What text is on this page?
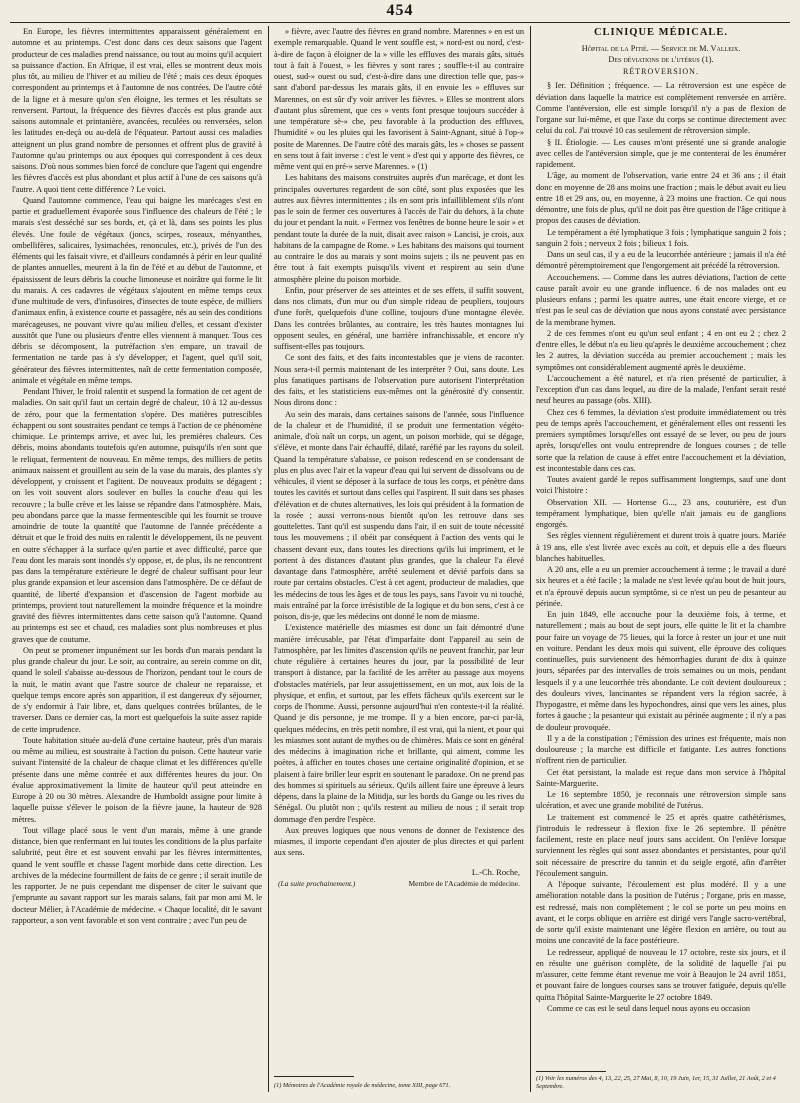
454

En Europe, les fièvres intermittentes apparaissent généralement en automne et au printemps. C'est donc dans ces deux saisons que l'agent producteur de ces maladies prend naissance, ou tout au moins qu'il acquiert sa puissance d'action. En Afrique, il est vrai, elles se montrent deux mois plus tôt, au milieu de l'hiver et au milieu de l'été ; mais ces deux époques correspondent au printemps et à l'automne de nos contrées. De l'autre côté de la ligne et à mesure qu'on s'en éloigne, les termes et les résultats se renversent. Partout, la fréquence des fièvres d'accès est plus grande aux saisons automnale et printanière, avancées, reculées ou renversées, selon les latitudes en-deçà ou au-delà de l'équateur. Partout aussi ces maladies atteignent un plus grand nombre de personnes et offrent plus de gravité à l'automne qu'au printemps ou aux époques qui correspondent à ces deux saisons. D'où nous sommes bien forcé de conclure que l'agent qui engendre les fièvres d'accès est plus abondant et plus actif à l'une de ces saisons qu'à l'autre. A quoi tient cette différence ? Le voici.

Quand l'automne commence, l'eau qui baigne les marécages s'est en partie et graduellement évaporée sous l'influence des chaleurs de l'été ; le marais s'est desséché sur ses bords, et, çà et là, dans ses points les plus élevés. Une foule de végétaux (joncs, scirpes, roseaux, ményanthes, ombellifères, salicaires, lysimachées, renoncules, etc.), privés de l'un des éléments qui les faisait vivre, et d'ailleurs condamnés à périr en leur qualité de plantes annuelles, meurent à la fin de l'été et au début de l'automne, et épaississent de leurs débris la couche limoneuse et noirâtre qui forme le lit du marais. A ces cadavres de végétaux s'ajoutent en même temps ceux d'une multitude de vers, d'infusoires, d'insectes de toute espèce, de milliers d'animaux enfin, à existence courte et passagère, nés au sein des conditions marécageuses, ne pouvant vivre qu'au milieu d'elles, et cessant d'exister aussitôt que l'une ou plusieurs d'entre elles viennent à manquer. Tous ces débris se décomposent, la putréfaction s'en empare, un travail de fermentation ne tarde pas à s'y développer, et l'agent, quel qu'il soit, générateur des fièvres intermittentes, naît de cette fermentation composée, animale et végétale en même temps.

Pendant l'hiver, le froid ralentit et suspend la formation de cet agent de maladies. On sait qu'il faut un certain degré de chaleur, 10 à 12 au-dessus de zéro, pour que la fermentation s'opère. Des matières putrescibles échappent ou sont soustraites pendant ce temps à l'action de ce phénomène chimique. Le printemps arrive, et avec lui, les premières chaleurs. Ces débris, moins abondants toutefois qu'en automne, puisqu'ils n'en sont que le reliquat, fermentent de nouveau. En même temps, des milliers de petits animaux naissent et grouillent au sein de la vase du marais, des plantes s'y développent, y croissent et l'agitent. De nouveaux produits se dégagent ; on les voit souvent alors soulever en bulles la couche d'eau qui les recouvre ; la bulle crève et les laisse se répandre dans l'atmosphère. Mais, peu abondans parce que la masse fermentescible qui les fournit se trouve amoindrie de toute la quantité que l'automne de l'année précédente a détruit et que le froid des nuits en ralentit le développement, ils ne peuvent en outre s'échapper à la surface qu'en partie et avec difficulté, parce que l'eau dont les marais sont inondés s'y oppose, et, de plus, ils ne rencontrent pas dans la température extérieure le degré de chaleur suffisant pour leur plus grande expansion et leur ascension dans l'atmosphère. De ce défaut de quantité, de liberté d'expansion et d'ascension de l'agent morbide au printemps, provient tout naturellement la moindre fréquence et la moindre gravité des fièvres intermittentes dans cette saison qu'à l'automne. Quand au printemps est sec et chaud, ces maladies sont plus nombreuses et plus graves que de coutume.

On peut se promener impunément sur les bords d'un marais pendant la plus grande chaleur du jour. Le soir, au contraire, au serein comme on dit, quand le soleil s'abaisse au-dessous de l'horizon, pendant tout le cours de la nuit, le matin avant que l'astre source de chaleur ne reparaisse, et quelque temps encore après son apparition, il est dangereux d'y séjourner, de s'y endormir à l'air libre, et, dans quelques contrées brûlantes, de le traverser. Dans ce dernier cas, la mort est quelquefois la suite assez rapide de cette imprudence.

Toute habitation située au-delà d'une certaine hauteur, près d'un marais ou même au milieu, est soustraite à l'action du poison. Cette hauteur varie suivant l'intensité de la chaleur de chaque climat et les différences qu'elle présente dans une même contrée et aux différentes heures du jour. On évalue approximativement la limite de hauteur qu'il peut atteindre en Europe à 20 ou 30 mètres. Alexandre de Humboldt assigne pour limite à laquelle puisse s'élever le poison de la fièvre jaune, la hauteur de 928 mètres.

Tout village placé sous le vent d'un marais, même à une grande distance, bien que renfermant en lui toutes les conditions de la plus parfaite salubrité, peut être et est souvent envahi par les fièvres intermittentes, quand le vent souffle et chasse l'agent morbide dans cette direction. Les archives de la médecine fourmillent de faits de ce genre ; il serait inutile de les rapporter. Je ne puis cependant me dispenser de citer le suivant que j'emprunte au savant rapport sur les marais salans, fait par mon ami M. le docteur Mélier, à l'Académie de médecine. « Chaque localité, dit le savant rapporteur, a son vent favorable et son vent contraire ; avec l'un peu de

» fièvre, avec l'autre des fièvres en grand nombre. Marennes » en est un exemple remarquable. Quand le vent souffle est, » nord-est ou nord, c'est-à-dire de façon à éloigner de la » ville les effluves des marais gâts, situés tout à fait à l'ouest, » les fièvres y sont rares ; souffle-t-il au contraire ouest, sud-» ouest ou sud, c'est-à-dire dans une direction telle que, pas-» sant d'abord par-dessus les marais gâts, il en envoie les » effluves sur Marennes, on est sûr d'y voir arriver les fièvres. » Elles se montrent alors d'autant plus sûrement, que ces » vents font presque toujours succéder à une température sè-» che, peu favorable à la production des effluves, l'humidité » ou les pluies qui les favorisent à Saint-Agnant, situé à l'op-» posite de Marennes. De l'autre côté des marais gâts, les » choses se passent en sens tout à fait inverse : c'est le vent » d'est qui y apporte des fièvres, ce même vent qui en pré-» serve Marennes. » (1)

Les habitans des maisons construites auprès d'un marécage, et dont les principales ouvertures regardent de son côté, sont plus exposées que les autres aux fièvres intermittentes ; ils en sont pris infailliblement s'ils n'ont pas le soin de fermer ces ouvertures à l'accès de l'air du dehors, à la chute du jour et pendant la nuit. « Fermez vos fenêtres de bonne heure le soir » et pendant toute la durée de la nuit, disait avec raison » Lancisi, je crois, aux habitans de la campagne de Rome. » Les habitans des maisons qui tournent au contraire le dos au marais y sont moins sujets ; ils ne peuvent pas en être tout à fait exempts puisqu'ils vivent et respirent au sein d'une atmosphère pleine du poison morbide.

Enfin, pour préserver de ses atteintes et de ses effets, il suffit souvent, dans nos climats, d'un mur ou d'un simple rideau de peupliers, toujours d'une forêt, quelquefois d'une colline, toujours d'une montagne élevée. Dans les contrées brûlantes, au contraire, les très hautes montagnes lui opposent seules, en général, une barrière infranchissable, et encore n'y suffisent-elles pas toujours.

Ce sont des faits, et des faits incontestables que je viens de raconter. Nous sera-t-il permis maintenant de les interpréter ? Oui, sans doute. Les plus fanatiques partisans de l'observation pure autorisent l'interprétation des faits, et les statisticiens eux-mêmes ont la générosité d'y consentir. Nous dirons donc :

Au sein des marais, dans certaines saisons de l'année, sous l'influence de la chaleur et de l'humidité, il se produit une fermentation végéto-animale, d'où naît un corps, un agent, un poison morbide, qui se dégage, s'élève, et monte dans l'air échauffé, dilaté, raréfié par les rayons du soleil. Quand la température s'abaisse, ce poison redescend en se condensant de plus en plus avec l'air et la vapeur d'eau qui lui servent de dissolvans ou de véhicules, il vient se déposer à la surface de tous les corps, et pénètre dans toutes les cavités et surtout dans celles qui l'aspirent. Il suit dans ses phases d'élévation et de chutes alternatives, les lois qui président à la formation de la rosée ; aussi verrons-nous bientôt qu'on les retrouve dans ses gouttelettes. Tant qu'il est suspendu dans l'air, il en suit de toute nécessité tous les mouvemens ; il obéit par conséquent à l'action des vents qui le chassent devant eux, dans toutes les directions qu'ils lui impriment, et le portent à des distances d'autant plus grandes, que la chaleur l'a élevé davantage dans l'atmosphère, arrêté seulement et dévié parfois dans sa route par certains obstacles. C'est à cet agent, producteur de maladies, que les médecins de tous les âges et de tous les pays, sans l'avoir vu ni touché, mais entraîné par la force irrésistible de la logique et du bon sens, c'est à ce poison, dis-je, que les médecins ont donné le nom de miasme.

L'existence matérielle des miasmes est donc un fait démontré d'une manière irrécusable, par l'état d'imparfaite dont l'appareil au sein de l'atmosphère, par les limites d'ascension qu'ils ne peuvent franchir, par leur chute régulière à certaines heures du jour, par la possibilité de leur transport à distance, par la facilité de les arrêter au passage aux moyens d'obstacles matériels, par leur assujettissement, en un mot, aux lois de la physique, et enfin, et surtout, par les effets fâcheux qu'ils exercent sur le corps de l'homme. Aussi, personne aujourd'hui n'en conteste-t-il la réalité. Quand je dis personne, je me trompe. Il y a bien encore, par-ci par-là, quelques médecins, en très petit nombre, il est vrai, qui la nient, et pour qui les miasmes sont autant de mythes ou de chimères. Mais ce sont en général des médecins à imagination riche et brillante, qui aiment, comme les poètes, à afficher en toutes choses une certaine originalité d'opinion, et se plaisent à faire briller leur esprit en soutenant le paradoxe. On ne prend pas des hommes si spirituels au sérieux. Qu'ils aillent faire une épreuve à leurs dépens, dans la plaine de la Mitidja, sur les bords du Gange ou les rives du Sénégal. Ou plutôt non ; qu'ils restent au milieu de nous ; il serait trop dommage d'en perdre l'espèce.

Aux preuves logiques que nous venons de donner de l'existence des miasmes, il importe cependant d'en ajouter de plus directes et qui parlent aux sens.

(La suite prochainement.)
L.-Ch. Roche,
Membre de l'Académie de médecine.
CLINIQUE MÉDICALE.
Hôpital de la Pitié. — Service de M. Valleix.
Des déviations de l'utérus (1).
RÉTROVERSION.

§ Ier. Définition ; fréquence. — La rétroversion est une espèce de déviation dans laquelle la matrice est complètement renversée en arrière. Comme l'antéversion, elle est simple lorsqu'il n'y a pas de flexion de l'organe sur lui-même, et que l'axe du corps se continue directement avec celui du col. J'ai trouvé 10 cas seulement de rétroversion simple.

§ II. Étiologie. — Les causes m'ont présenté une si grande analogie avec celles de l'antéversion simple, que je me contenterai de les énumérer rapidement.

L'âge, au moment de l'observation, varie entre 24 et 36 ans ; il était donc en moyenne de 28 ans moins une fraction ; mais le début avait eu lieu entre 18 et 29 ans, ou, en moyenne, à 23 moins une fraction. Ce qui nous démontre, une fois de plus, qu'il ne doit pas être question de l'âge critique à propos des causes de déviation.

Le tempérament a été lymphatique 3 fois ; lymphatique sanguin 2 fois ; sanguin 2 fois ; nerveux 2 fois ; bilieux 1 fois.

Dans un seul cas, il y a eu de la leucorrhée antérieure ; jamais il n'a été démontré péremptoirement que l'engorgement ait précédé la rétroversion.

Accouchemens. — Comme dans les autres déviations, l'action de cette cause paraît avoir eu une grande influence. 6 de nos malades ont eu plusieurs enfans ; parmi les quatre autres, une était encore vierge, et ce n'est pas le seul cas de déviation que nous ayons constaté avec persistance de la membrane hymen.

2 de ces femmes n'ont eu qu'un seul enfant ; 4 en ont eu 2 ; chez 2 d'entre elles, le début n'a eu lieu qu'après le deuxième accouchement ; chez les 2 autres, la déviation succéda au premier accouchement ; mais les symptômes ont considérablement augmenté après le deuxième.

L'accouchement a été naturel, et n'a rien présenté de particulier, à l'exception d'un cas dans lequel, au dire de la malade, l'enfant serait resté neuf heures au passage (obs. XIII).

Chez ces 6 femmes, la déviation s'est produite immédiatement ou très peu de temps après l'accouchement, et généralement elles ont ressenti les premiers symptômes lorsqu'elles ont essayé de se lever, ou peu de jours après, lorsqu'elles ont voulu entreprendre de longues courses ; de telle sorte que la relation de cause à effet entre l'accouchement et la déviation, est incontestable dans ces cas.

Toutes avaient gardé le repos suffisamment longtemps, sauf une dont voici l'histoire :

Observation XII. — Hortense G..., 23 ans, couturière, est d'un tempérament lymphatique, bien qu'elle n'ait jamais eu de ganglions engorgés.

Ses règles viennent régulièrement et durent trois à quatre jours. Mariée à 19 ans, elle s'est livrée avec excès au coït, et depuis elle a des flueurs blanches habituelles.

A 20 ans, elle a eu un premier accouchement à terme ; le travail a duré six heures et a été facile ; la malade ne s'est levée qu'au bout de huit jours, et n'a éprouvé depuis aucun symptôme, si ce n'est un peu de pesanteur au périnée.

En juin 1849, elle accouche pour la deuxième fois, à terme, et naturellement ; mais au bout de sept jours, elle quitte le lit et la chambre pour faire un voyage de 75 lieues, qui la force à rester un jour et une nuit en voiture. Pendant les deux mois qui suivent, elle éprouve des coliques continuelles, puis surviennent des hémorrhagies durant de dix à quinze jours, séparées par des intervalles de trois semaines ou un mois, pendant lesquels il y a une leucorrhée très abondante. Le coït devient douloureux ; des douleurs vives, lancinantes se répandent vers la région sacrée, à l'hypogastre, et même dans les hypochondres, ainsi que vers les aines, plus fortes à gauche ; la pesanteur qui existait au périnée augmente ; il n'y a pas de douleur provoquée.

Il y a de la constipation ; l'émission des urines est fréquente, mais non douloureuse ; la marche est difficile et fatigante. Les autres fonctions n'offrent rien de particulier.

Cet état persistant, la malade est reçue dans mon service à l'hôpital Sainte-Marguerite.

Le 16 septembre 1850, je reconnais une rétroversion simple sans ulcération, et avec une grande mobilité de l'utérus.

Le traitement est commencé le 25 et après quatre cathétérismes, j'introduis le redresseur à flexion fixe le 26 septembre. Il pénètre facilement, reste en place neuf jours sans accident. On l'enlève lorsque surviennent les règles qui sont assez abondantes et persistantes, pour qu'il soit nécessaire de prescrire du tannin et du seigle ergoté, afin d'arrêter l'écoulement sanguin.

A l'époque suivante, l'écoulement est plus modéré. Il y a une amélioration notable dans la position de l'utérus ; l'organe, pris en masse, est redressé, mais non complètement ; le col se porte un peu moins en avant, et le corps oblique en arrière est dirigé vers l'angle sacro-vertébral, de sorte qu'il existe maintenant une légère flexion en arrière, ou tout au moins une concavité de la face postérieure.

Le redresseur, appliqué de nouveau le 17 octobre, reste six jours, et il en résulte une guérison complète, de la solidité de laquelle j'ai pu m'assurer, cette femme étant revenue me voir à Beaujon le 24 avril 1851, et pouvant faire de longues courses sans se trouver fatiguée, depuis qu'elle quitta l'hôpital Sainte-Marguerite le 27 octobre 1849.

Comme ce cas est le seul dans lequel nous ayons eu occasion

(1) Mémoires de l'Académie royale de médecine, tome XIII, page 671.
(1) Voir les numéros des 4, 13, 22, 25, 27 Mai, 8, 10, 19 Juin, 1er, 15, 31 Juillet, 21 Août, 2 et 4 Septembre.
